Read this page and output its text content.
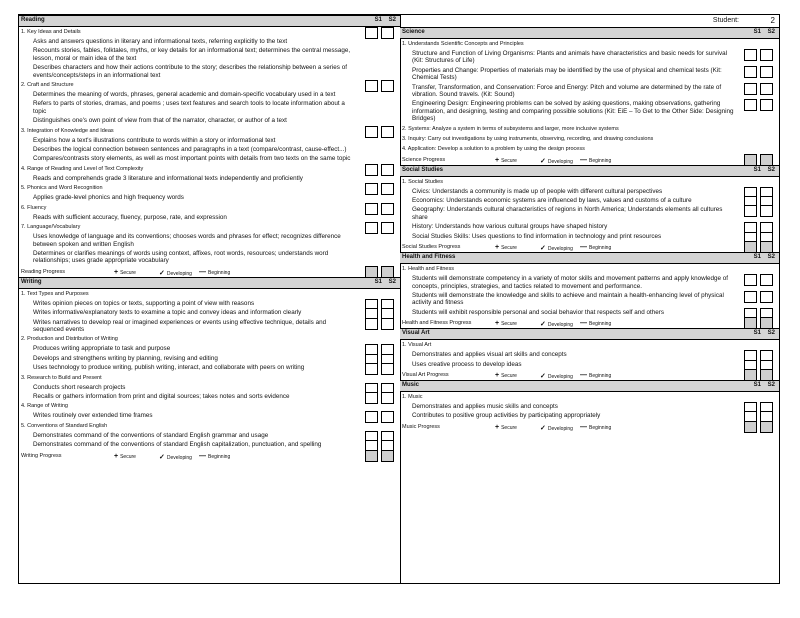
Reading	S1 S2
1. Key Ideas and Details
Asks and answers questions in literary and informational texts, referring explicitly to the text
Recounts stories, fables, folktales, myths, or key details for an informational text; determines the central message, lesson, moral or main idea of the text
Describes characters and how their actions contribute to the story; describes the relationship between a series of events/concepts/steps in an informational text
2. Craft and Structure
Determines the meaning of words, phrases, general academic and domain-specific vocabulary used in a text
Refers to parts of stories, dramas, and poems ; uses text features and search tools to locate information about a topic
Distinguishes one's own point of view from that of the narrator, character, or author of a text
3. Integration of Knowledge and Ideas
Explains how a text's illustrations contribute to words within a story or informational text
Describes the logical connection between sentences and paragraphs in a text (compare/contrast, cause-effect...)
Compares/contrasts story elements, as well as most important points with details from two texts on the same topic
4. Range of Reading and Level of Text Complexity
Reads and comprehends grade 3 literature and informational texts independently and proficiently
5. Phonics and Word Recognition
Applies grade-level phonics and high frequency words
6. Fluency
Reads with sufficient accuracy, fluency, purpose, rate, and expression
7. Language/Vocabulary
Uses knowledge of language and its conventions; chooses words and phrases for effect; recognizes difference between spoken and written English
Determines or clarifies meanings of words using context, affixes, root words, resources; understands word relationships; uses grade appropriate vocabulary
Reading Progress	+ Secure	✓ Developing — Beginning
Writing	S1 S2
1. Text Types and Purposes
Writes opinion pieces on topics or texts, supporting a point of view with reasons
Writes informative/explanatory texts to examine a topic and convey ideas and information clearly
Writes narratives to develop real or imagined experiences or events using effective technique, details and sequenced events
2. Production and Distribution of Writing
Produces writing appropriate to task and purpose
Develops and strengthens writing by planning, revising and editing
Uses technology to produce writing, publish writing, interact, and collaborate with peers on writing
3. Research to Build and Present
Conducts short research projects
Recalls or gathers information from print and digital sources; takes notes and sorts evidence
4. Range of Writing
Writes routinely over extended time frames
5. Conventions of Standard English
Demonstrates command of the conventions of standard English grammar and usage
Demonstrates command of the conventions of standard English capitalization, punctuation, and spelling
Writing Progress	+ Secure	✓ Developing — Beginning
Student:	2
Science	S1 S2
1. Understands Scientific Concepts and Principles
Structure and Function of Living Organisms: Plants and animals have characteristics and basic needs for survival (Kit: Structures of Life)
Properties and Change: Properties of materials may be identified by the use of physical and chemical tests (Kit: Chemical Tests)
Transfer, Transformation, and Conservation: Force and Energy: Pitch and volume are determined by the rate of vibration. Sound travels. (Kit: Sound)
Engineering Design: Engineering problems can be solved by asking questions, making observations, gathering information, and designing, testing and comparing possible solutions (Kit: EiE – To Get to the Other Side: Designing Bridges)
2. Systems: Analyze a system in terms of subsystems and larger, more inclusive systems
3. Inquiry: Carry out investigations by using instruments, observing, recording, and drawing conclusions
4. Application: Develop a solution to a problem by using the design process
Science Progress	+ Secure	✓ Developing — Beginning
Social Studies	S1 S2
1. Social Studies
Civics: Understands a community is made up of people with different cultural perspectives
Economics: Understands economic systems are influenced by laws, values and customs of a culture
Geography: Understands cultural characteristics of regions in North America; Understands elements all cultures share
History: Understands how various cultural groups have shaped history
Social Studies Skills: Uses questions to find information in technology and print resources
Social Studies Progress	+ Secure	✓ Developing — Beginning
Health and Fitness	S1 S2
1. Health and Fitness
Students will demonstrate competency in a variety of motor skills and movement patterns and apply knowledge of concepts, principles, strategies, and tactics related to movement and performance.
Students will demonstrate the knowledge and skills to achieve and maintain a health-enhancing level of physical activity and fitness
Students will exhibit responsible personal and social behavior that respects self and others
Health and Fitness Progress	+ Secure	✓ Developing — Beginning
Visual Art	S1 S2
1. Visual Art
Demonstrates and applies visual art skills and concepts
Uses creative process to develop ideas
Visual Art Progress	+ Secure	✓ Developing — Beginning
Music	S1 S2
1. Music
Demonstrates and applies music skills and concepts
Contributes to positive group activities by participating appropriately
Music Progress	+ Secure	✓ Developing — Beginning
